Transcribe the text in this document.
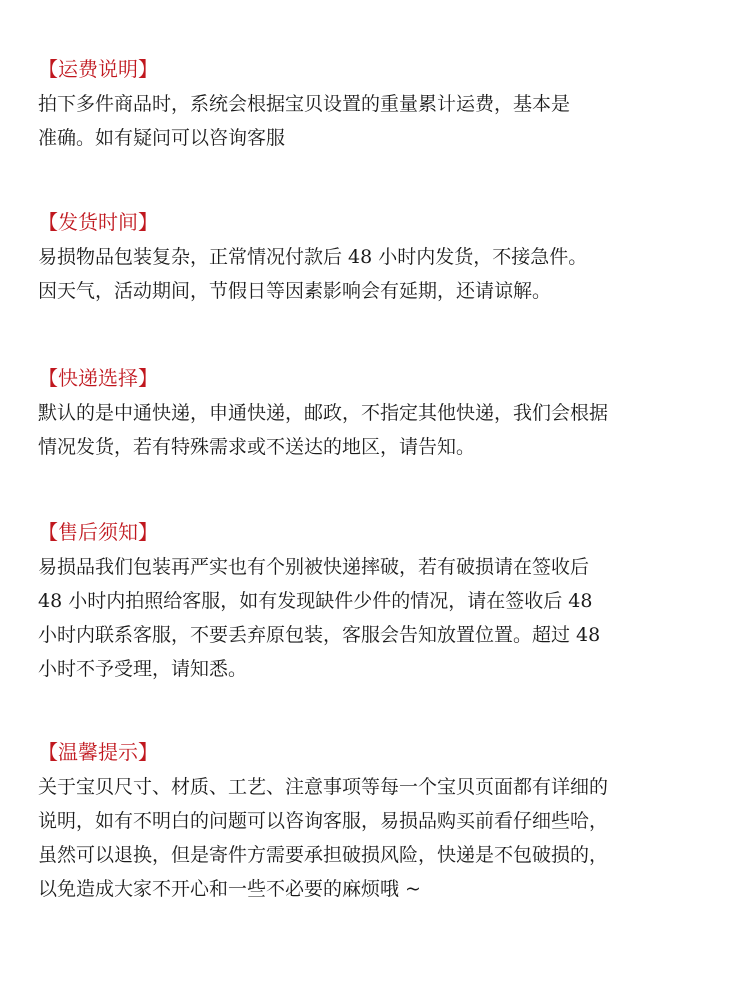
【运费说明】
拍下多件商品时，系统会根据宝贝设置的重量累计运费，基本是
准确。如有疑问可以咨询客服
【发货时间】
易损物品包装复杂，正常情况付款后 48 小时内发货，不接急件。
因天气，活动期间，节假日等因素影响会有延期，还请谅解。
【快递选择】
默认的是中通快递，申通快递，邮政，不指定其他快递，我们会根据
情况发货，若有特殊需求或不送达的地区，请告知。
【售后须知】
易损品我们包装再严实也有个别被快递摔破，若有破损请在签收后
48 小时内拍照给客服，如有发现缺件少件的情况，请在签收后 48
小时内联系客服，不要丢弃原包装，客服会告知放置位置。超过 48
小时不予受理，请知悉。
【温馨提示】
关于宝贝尺寸、材质、工艺、注意事项等每一个宝贝页面都有详细的
说明，如有不明白的问题可以咨询客服，易损品购买前看仔细些哈，
虽然可以退换，但是寄件方需要承担破损风险，快递是不包破损的，
以免造成大家不开心和一些不必要的麻烦哦 ~
